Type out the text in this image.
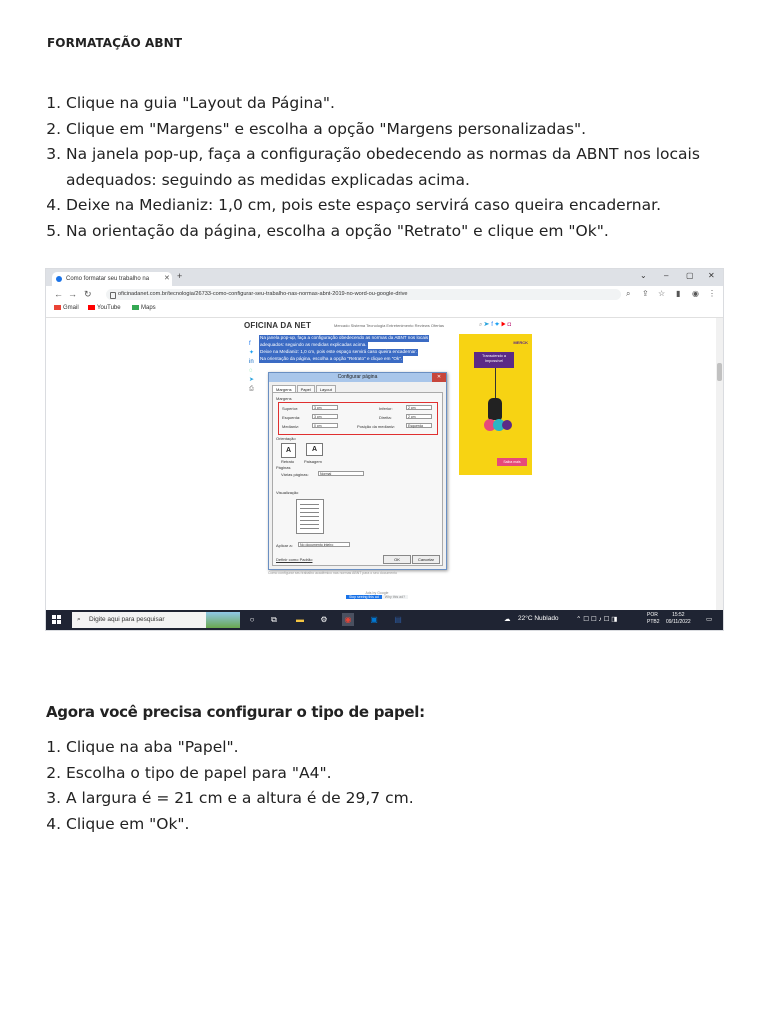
FORMATAÇÃO ABNT
1. Clique na guia "Layout da Página".
2. Clique em "Margens" e escolha a opção "Margens personalizadas".
3. Na janela pop-up, faça a configuração obedecendo as normas da ABNT nos locais adequados: seguindo as medidas explicadas acima.
4. Deixe na Medianiz: 1,0 cm, pois este espaço servirá caso queira encadernar.
5. Na orientação da página, escolha a opção "Retrato" e clique em "Ok".
Como formatar seu trabalho na ✕ +	⌄ – ▢ ✕
← → ↻	oficinadanet.com.br/tecnologia/26733-como-configurar-seu-trabalho-nas-normas-abnt-2019-no-word-ou-google-drive	⌕ ⇪ ☆ ▮ ◉ ⋮
Gmail	YouTube	Maps
OFICINA DA NET	Mercado Sistema Tecnologia Entretenimento Reviews Ofertas	⌕ ➤ f ✦ ▶ ◘
f
✦
in
◌
➤
⎙
Na janela pop-up, faça a configuração obedecendo as normas da ABNT nos locais
adequados: seguindo as medidas explicadas acima.
Deixe na Medianiz: 1,0 cm, pois este espaço servirá caso queira encadernar.
Na orientação da página, escolha a opção "Retrato" e clique em "Ok".
Configurar página	✕
Margens Papel Layout
Margens
Superior:	3 cm	Inferior:	2 cm
Esquerda:	3 cm	Direita:	2 cm
Medianiz:	0 cm	Posição da medianiz:	Esquerda
Orientação
A	A
Retrato Paisagem
Páginas
Várias páginas:	Normal
Visualização
Aplicar a:	No documento inteiro
Definir como Padrão	OK	Cancelar
MERCK
Transciendo a Impossível
Saiba mais
Como configurar seu trabalho acadêmico nas normas ABNT para o seu documento
Ads by Google
Stop seeing this ad Why this ad?
⌕ Digite aqui para pesquisar	○	⧉	▬	⚙	◉	▣ ▤	☁ 22°C Nublado	⌃ ☐ ☐ ♪ ☐ ◨
POR
PTB2
15:52
09/11/2022 ▭
Agora você precisa configurar o tipo de papel:
1. Clique na aba "Papel".
2. Escolha o tipo de papel para "A4".
3. A largura é = 21 cm e a altura é de 29,7 cm.
4. Clique em "Ok".
